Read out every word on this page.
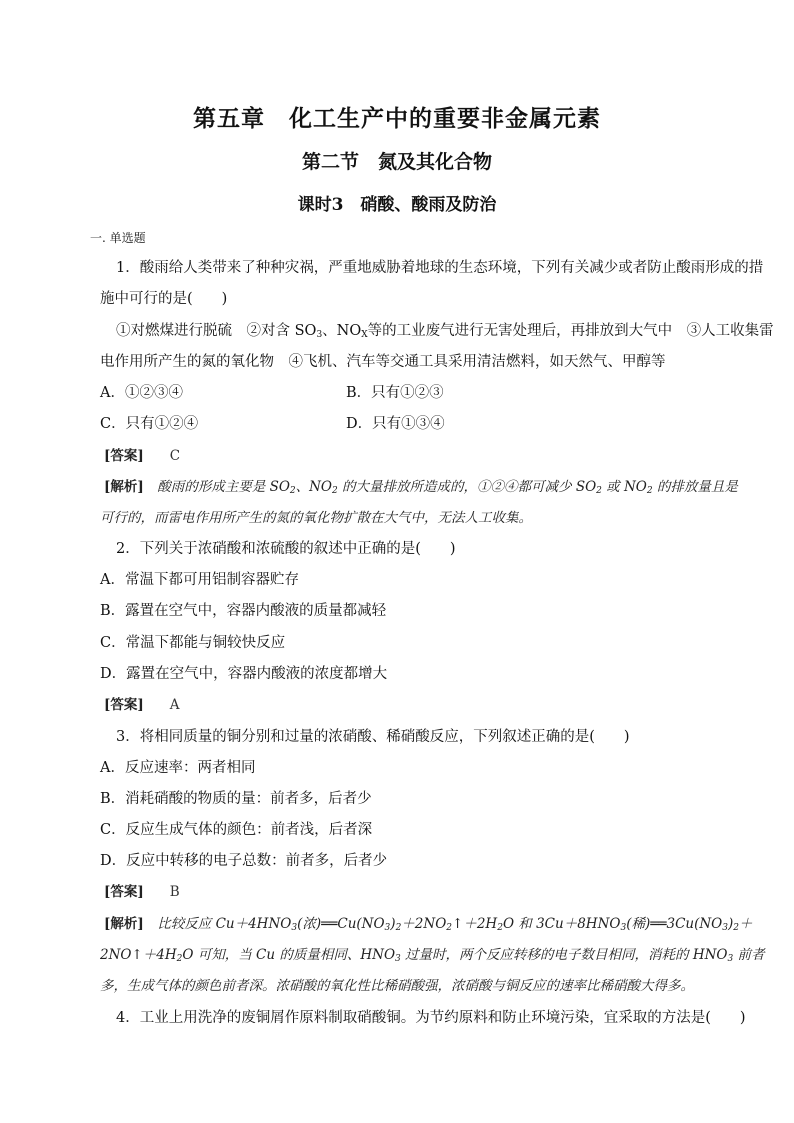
第五章　化工生产中的重要非金属元素
第二节　氮及其化合物
课时3　硝酸、酸雨及防治
一. 单选题
1．酸雨给人类带来了种种灾祸，严重地威胁着地球的生态环境，下列有关减少或者防止酸雨形成的措
施中可行的是(　　)
①对燃煤进行脱硫　②对含 $SO_3$、$NO_X$等的工业废气进行无害处理后，再排放到大气中　③人工收集雷
电作用所产生的氮的氧化物　④飞机、汽车等交通工具采用清洁燃料，如天然气、甲醇等
A．①②③④	B．只有①②③
C．只有①②④	D．只有①③④
[答案] C
[解析]　 酸雨的形成主要是 $SO_2$、$NO_2$ 的大量排放所造成的，①②④都可减少 $SO_2$ 或 $NO_2$ 的排放量且是
可行的，而雷电作用所产生的氮的氧化物扩散在大气中，无法人工收集。
2．下列关于浓硝酸和浓硫酸的叙述中正确的是(　　)
A．常温下都可用铝制容器贮存
B．露置在空气中，容器内酸液的质量都减轻
C．常温下都能与铜较快反应
D．露置在空气中，容器内酸液的浓度都增大
[答案] A
3．将相同质量的铜分别和过量的浓硝酸、稀硝酸反应，下列叙述正确的是(　　)
A．反应速率：两者相同
B．消耗硝酸的物质的量：前者多，后者少
C．反应生成气体的颜色：前者浅，后者深
D．反应中转移的电子总数：前者多，后者少
[答案] B
[解析]　 比较反应 $Cu+4HNO_3$(浓)$══Cu(NO_3)_2+2NO_2↑+2H_2O$ 和 $3Cu+8HNO_3$(稀)$══3Cu(NO_3)_2+$
$2NO↑+4H_2O$ 可知，当 Cu 的质量相同、$HNO_3$ 过量时，两个反应转移的电子数目相同，消耗的 $HNO_3$ 前者
多，生成气体的颜色前者深。浓硝酸的氧化性比稀硝酸强，浓硝酸与铜反应的速率比稀硝酸大得多。
4．工业上用洗净的废铜屑作原料制取硝酸铜。为节约原料和防止环境污染，宜采取的方法是(　　)
